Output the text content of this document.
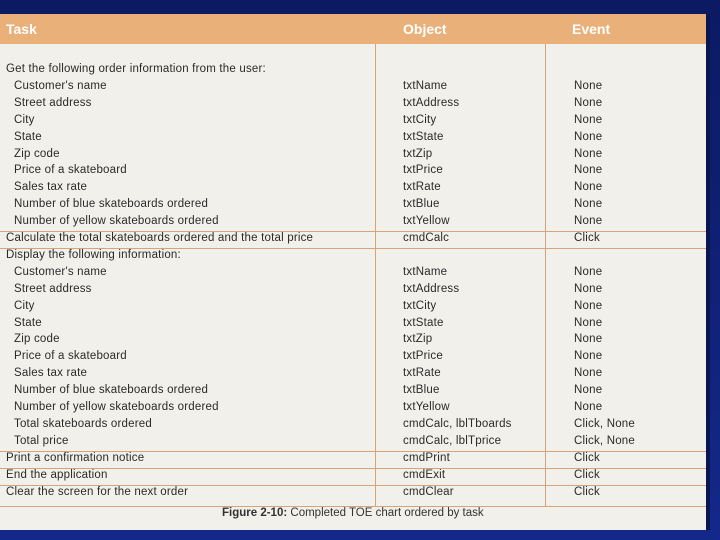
Task	Object	Event
Get the following order information from the user:
Customer's name	txtName	None
Street address	txtAddress	None
City	txtCity	None
State	txtState	None
Zip code	txtZip	None
Price of a skateboard	txtPrice	None
Sales tax rate	txtRate	None
Number of blue skateboards ordered	txtBlue	None
Number of yellow skateboards ordered	txtYellow	None
Calculate the total skateboards ordered and the total price	cmdCalc	Click
Display the following information:
Customer's name	txtName	None
Street address	txtAddress	None
City	txtCity	None
State	txtState	None
Zip code	txtZip	None
Price of a skateboard	txtPrice	None
Sales tax rate	txtRate	None
Number of blue skateboards ordered	txtBlue	None
Number of yellow skateboards ordered	txtYellow	None
Total skateboards ordered	cmdCalc, lblTboards	Click, None
Total price	cmdCalc, lblTprice	Click, None
Print a confirmation notice	cmdPrint	Click
End the application	cmdExit	Click
Clear the screen for the next order	cmdClear	Click
Figure 2-10: Completed TOE chart ordered by task
